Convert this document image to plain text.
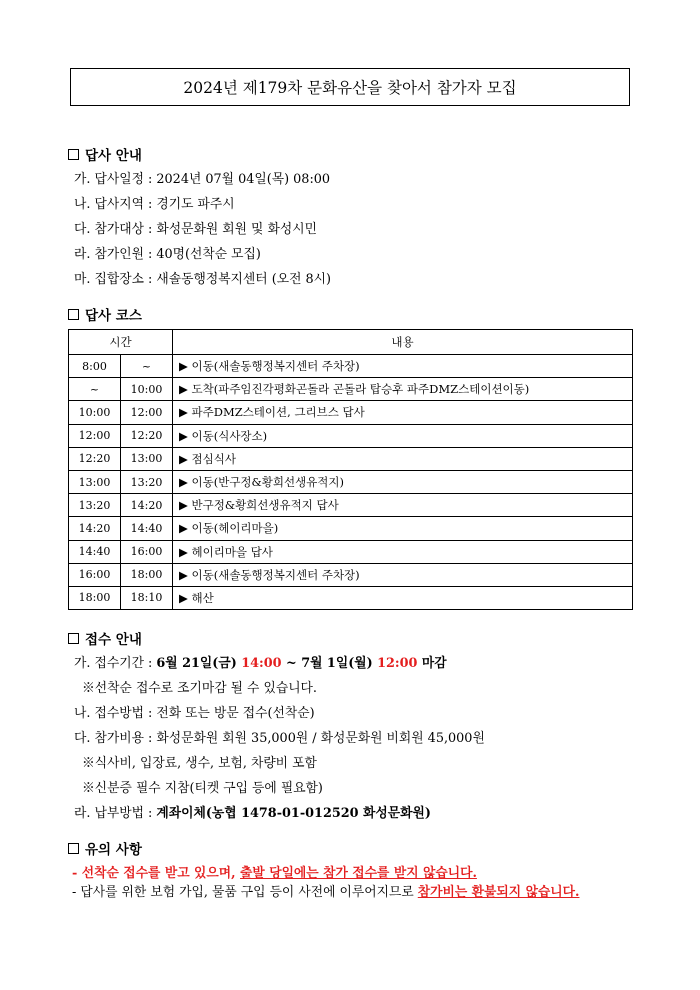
2024년 제179차 문화유산을 찾아서 참가자 모집
답사 안내
가. 답사일정 : 2024년 07월 04일(목) 08:00
나. 답사지역 : 경기도 파주시
다. 참가대상 : 화성문화원 회원 및 화성시민
라. 참가인원 : 40명(선착순 모집)
마. 집합장소 : 새솔동행정복지센터 (오전 8시)
답사 코스
시간		내용
8:00	~	▶ 이동(새솔동행정복지센터 주차장)
~	10:00	▶ 도착(파주임진각평화곤돌라 곤돌라 탑승후 파주DMZ스테이션이동)
10:00	12:00	▶ 파주DMZ스테이션, 그리브스 답사
12:00	12:20	▶ 이동(식사장소)
12:20	13:00	▶ 점심식사
13:00	13:20	▶ 이동(반구정&황희선생유적지)
13:20	14:20	▶ 반구정&황희선생유적지 답사
14:20	14:40	▶ 이동(헤이리마을)
14:40	16:00	▶ 헤이리마을 답사
16:00	18:00	▶ 이동(새솔동행정복지센터 주차장)
18:00	18:10	▶ 해산
접수 안내
가. 접수기간 : 6월 21일(금) 14:00 ~ 7월 1일(월) 12:00 마감
※선착순 접수로 조기마감 될 수 있습니다.
나. 접수방법 : 전화 또는 방문 접수(선착순)
다. 참가비용 : 화성문화원 회원 35,000원 / 화성문화원 비회원 45,000원
※식사비, 입장료, 생수, 보험, 차량비 포함
※신분증 필수 지참(티켓 구입 등에 필요함)
라. 납부방법 : 계좌이체(농협 1478-01-012520 화성문화원)
유의 사항
- 선착순 접수를 받고 있으며, 출발 당일에는 참가 접수를 받지 않습니다.
- 답사를 위한 보험 가입, 물품 구입 등이 사전에 이루어지므로 참가비는 환불되지 않습니다.
